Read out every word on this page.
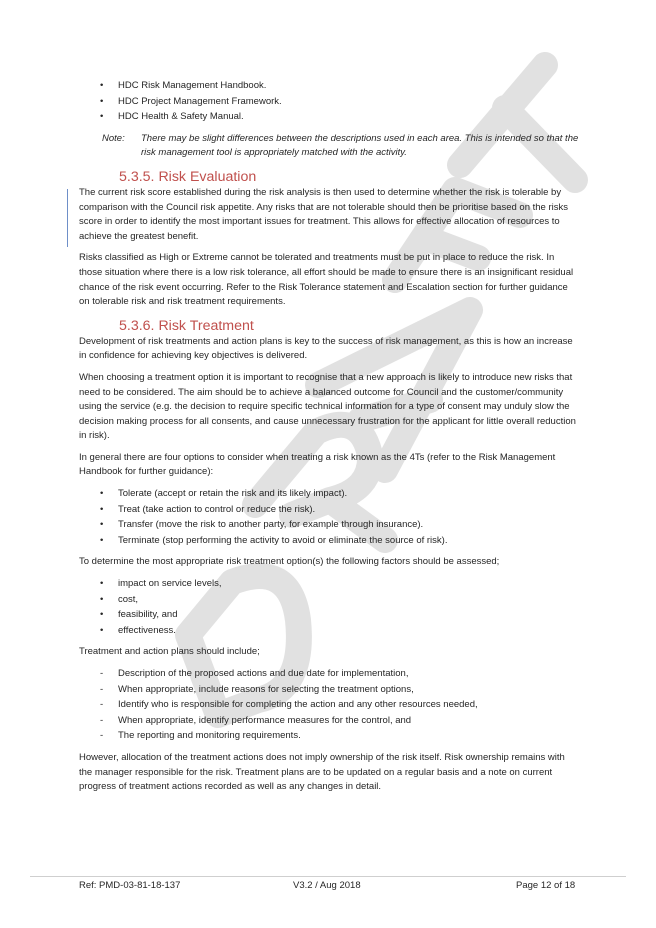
• HDC Risk Management Handbook.
• HDC Project Management Framework.
• HDC Health & Safety Manual.
Note: There may be slight differences between the descriptions used in each area. This is intended so that the risk management tool is appropriately matched with the activity.
5.3.5. Risk Evaluation

The current risk score established during the risk analysis is then used to determine whether the risk is tolerable by comparison with the Council risk appetite. Any risks that are not tolerable should then be prioritise based on the risks score in order to identify the most important issues for treatment. This allows for effective allocation of resources to achieve the greatest benefit.

Risks classified as High or Extreme cannot be tolerated and treatments must be put in place to reduce the risk. In those situation where there is a low risk tolerance, all effort should be made to ensure there is an insignificant residual chance of the risk event occurring. Refer to the Risk Tolerance statement and Escalation section for further guidance on tolerable risk and risk treatment requirements.

5.3.6. Risk Treatment

Development of risk treatments and action plans is key to the success of risk management, as this is how an increase in confidence for achieving key objectives is delivered.

When choosing a treatment option it is important to recognise that a new approach is likely to introduce new risks that need to be considered. The aim should be to achieve a balanced outcome for Council and the customer/community using the service (e.g. the decision to require specific technical information for a type of consent may unduly slow the decision making process for all consents, and cause unnecessary frustration for the applicant for little overall reduction in risk).

In general there are four options to consider when treating a risk known as the 4Ts (refer to the Risk Management Handbook for further guidance):

• Tolerate (accept or retain the risk and its likely impact).
• Treat (take action to control or reduce the risk).
• Transfer (move the risk to another party, for example through insurance).
• Terminate (stop performing the activity to avoid or eliminate the source of risk).

To determine the most appropriate risk treatment option(s) the following factors should be assessed;

• impact on service levels,
• cost,
• feasibility, and
• effectiveness.

Treatment and action plans should include;

- Description of the proposed actions and due date for implementation,
- When appropriate, include reasons for selecting the treatment options,
- Identify who is responsible for completing the action and any other resources needed,
- When appropriate, identify performance measures for the control, and
- The reporting and monitoring requirements.

However, allocation of the treatment actions does not imply ownership of the risk itself. Risk ownership remains with the manager responsible for the risk. Treatment plans are to be updated on a regular basis and a note on current progress of treatment actions recorded as well as any changes in detail.

Ref: PMD-03-81-18-137	V3.2 / Aug 2018	Page 12 of 18
